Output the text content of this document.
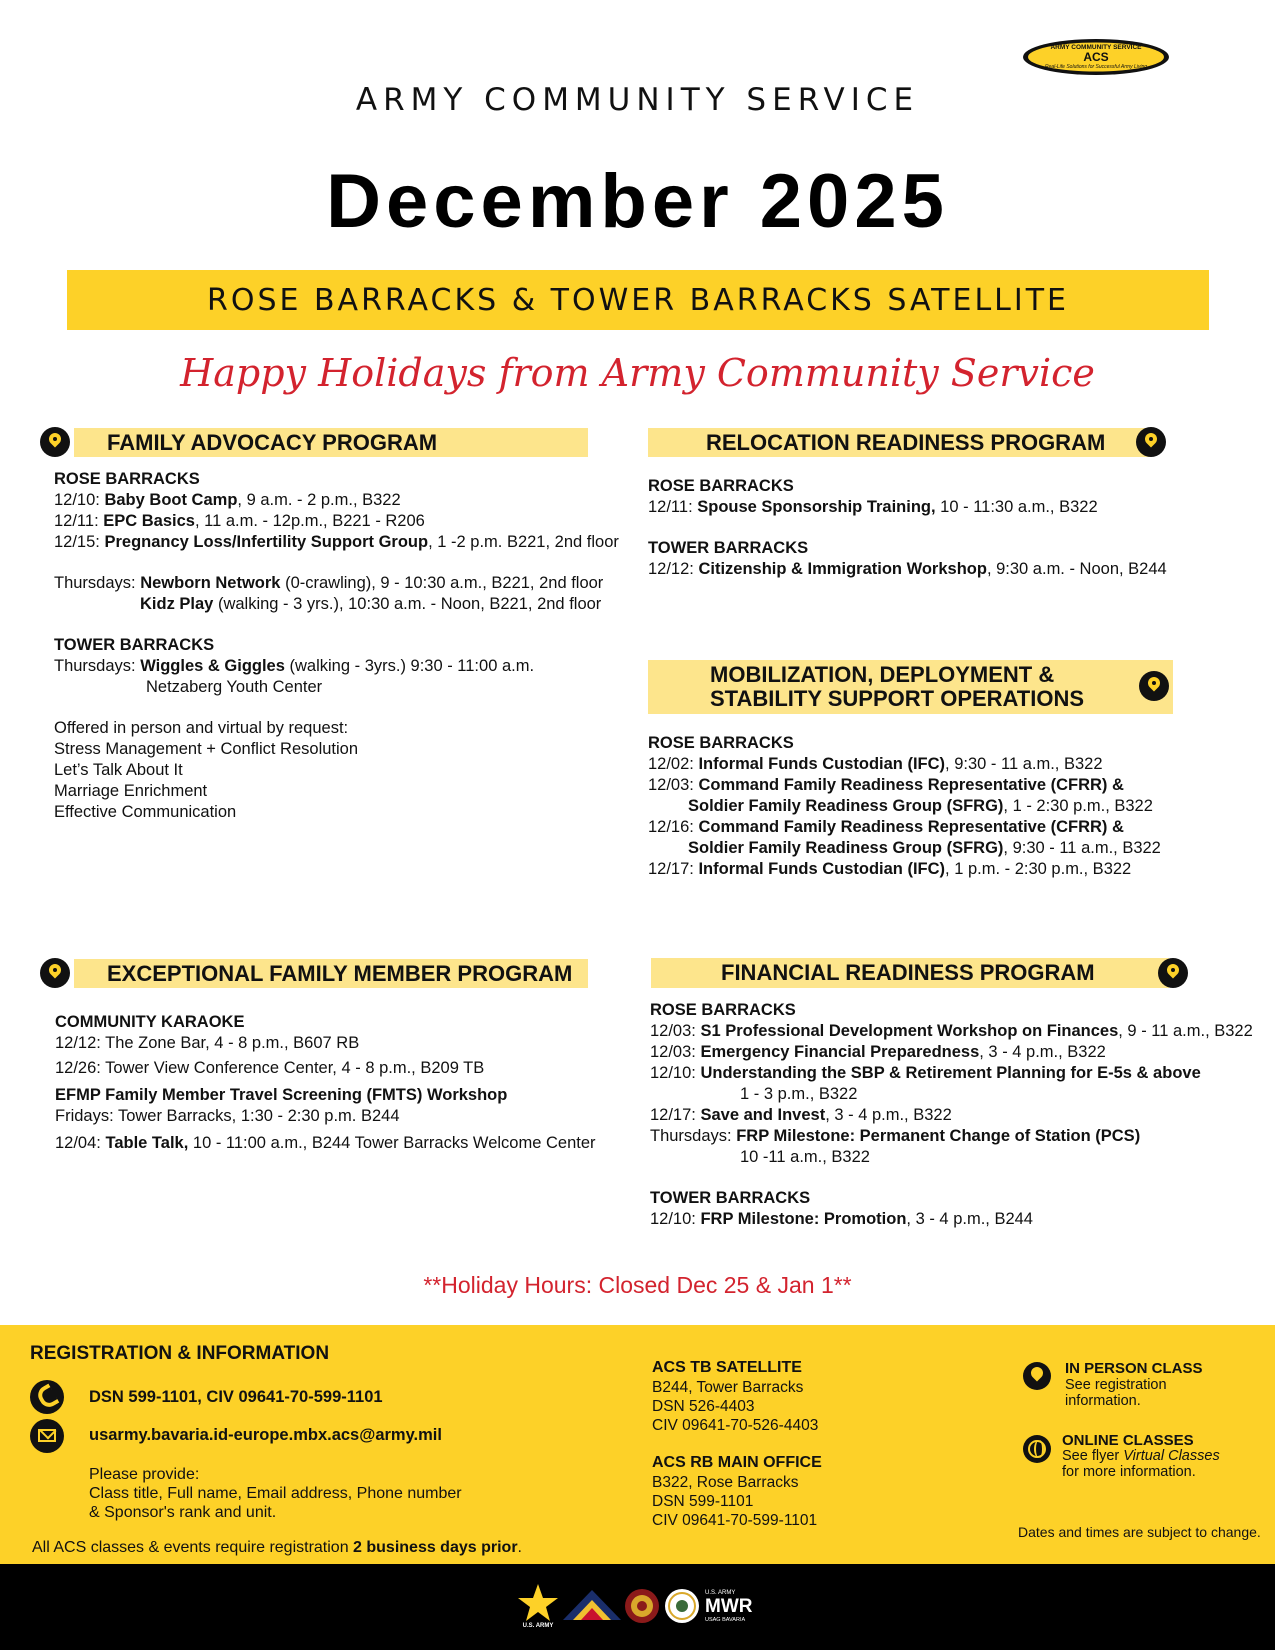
ARMY COMMUNITY SERVICE
ACS
Real-Life Solutions for Successful Army Living
ARMY COMMUNITY SERVICE
December 2025
ROSE BARRACKS & TOWER BARRACKS SATELLITE
Happy Holidays from Army Community Service
FAMILY ADVOCACY PROGRAM
ROSE BARRACKS
12/10: Baby Boot Camp, 9 a.m. - 2 p.m., B322
12/11: EPC Basics, 11 a.m. - 12p.m., B221 - R206
12/15: Pregnancy Loss/Infertility Support Group, 1 -2 p.m. B221, 2nd floor
Thursdays: Newborn Network (0-crawling), 9 - 10:30 a.m., B221, 2nd floor
Kidz Play (walking - 3 yrs.), 10:30 a.m. - Noon, B221, 2nd floor
TOWER BARRACKS
Thursdays: Wiggles & Giggles (walking - 3yrs.) 9:30 - 11:00 a.m.
Netzaberg Youth Center
Offered in person and virtual by request:
Stress Management + Conflict Resolution
Let’s Talk About It
Marriage Enrichment
Effective Communication
RELOCATION READINESS PROGRAM
ROSE BARRACKS
12/11: Spouse Sponsorship Training, 10 - 11:30 a.m., B322
TOWER BARRACKS
12/12: Citizenship & Immigration Workshop, 9:30 a.m. - Noon, B244
MOBILIZATION, DEPLOYMENT &
STABILITY SUPPORT OPERATIONS
ROSE BARRACKS
12/02: Informal Funds Custodian (IFC), 9:30 - 11 a.m., B322
12/03: Command Family Readiness Representative (CFRR) &
Soldier Family Readiness Group (SFRG), 1 - 2:30 p.m., B322
12/16: Command Family Readiness Representative (CFRR) &
Soldier Family Readiness Group (SFRG), 9:30 - 11 a.m., B322
12/17: Informal Funds Custodian (IFC), 1 p.m. - 2:30 p.m., B322
EXCEPTIONAL FAMILY MEMBER PROGRAM
COMMUNITY KARAOKE
12/12: The Zone Bar, 4 - 8 p.m., B607 RB
12/26: Tower View Conference Center, 4 - 8 p.m., B209 TB
EFMP Family Member Travel Screening (FMTS) Workshop
Fridays: Tower Barracks, 1:30 - 2:30 p.m. B244
12/04: Table Talk, 10 - 11:00 a.m., B244 Tower Barracks Welcome Center
FINANCIAL READINESS PROGRAM
ROSE BARRACKS
12/03: S1 Professional Development Workshop on Finances, 9 - 11 a.m., B322
12/03: Emergency Financial Preparedness, 3 - 4 p.m., B322
12/10: Understanding the SBP & Retirement Planning for E-5s & above
1 - 3 p.m., B322
12/17: Save and Invest, 3 - 4 p.m., B322
Thursdays: FRP Milestone: Permanent Change of Station (PCS)
10 -11 a.m., B322
TOWER BARRACKS
12/10: FRP Milestone: Promotion, 3 - 4 p.m., B244
**Holiday Hours: Closed Dec 25 & Jan 1**
REGISTRATION & INFORMATION
DSN 599-1101, CIV 09641-70-599-1101
usarmy.bavaria.id-europe.mbx.acs@army.mil
Please provide:
Class title, Full name, Email address, Phone number
& Sponsor's rank and unit.
All ACS classes & events require registration 2 business days prior.
ACS TB SATELLITE
B244, Tower Barracks
DSN 526-4403
CIV 09641-70-526-4403
ACS RB MAIN OFFICE
B322, Rose Barracks
DSN 599-1101
CIV 09641-70-599-1101
IN PERSON CLASS
See registration
information.
ONLINE CLASSES
See flyer Virtual Classes
for more information.
Dates and times are subject to change.
U.S. ARMY
U.S. ARMY
MWR
USAG BAVARIA
